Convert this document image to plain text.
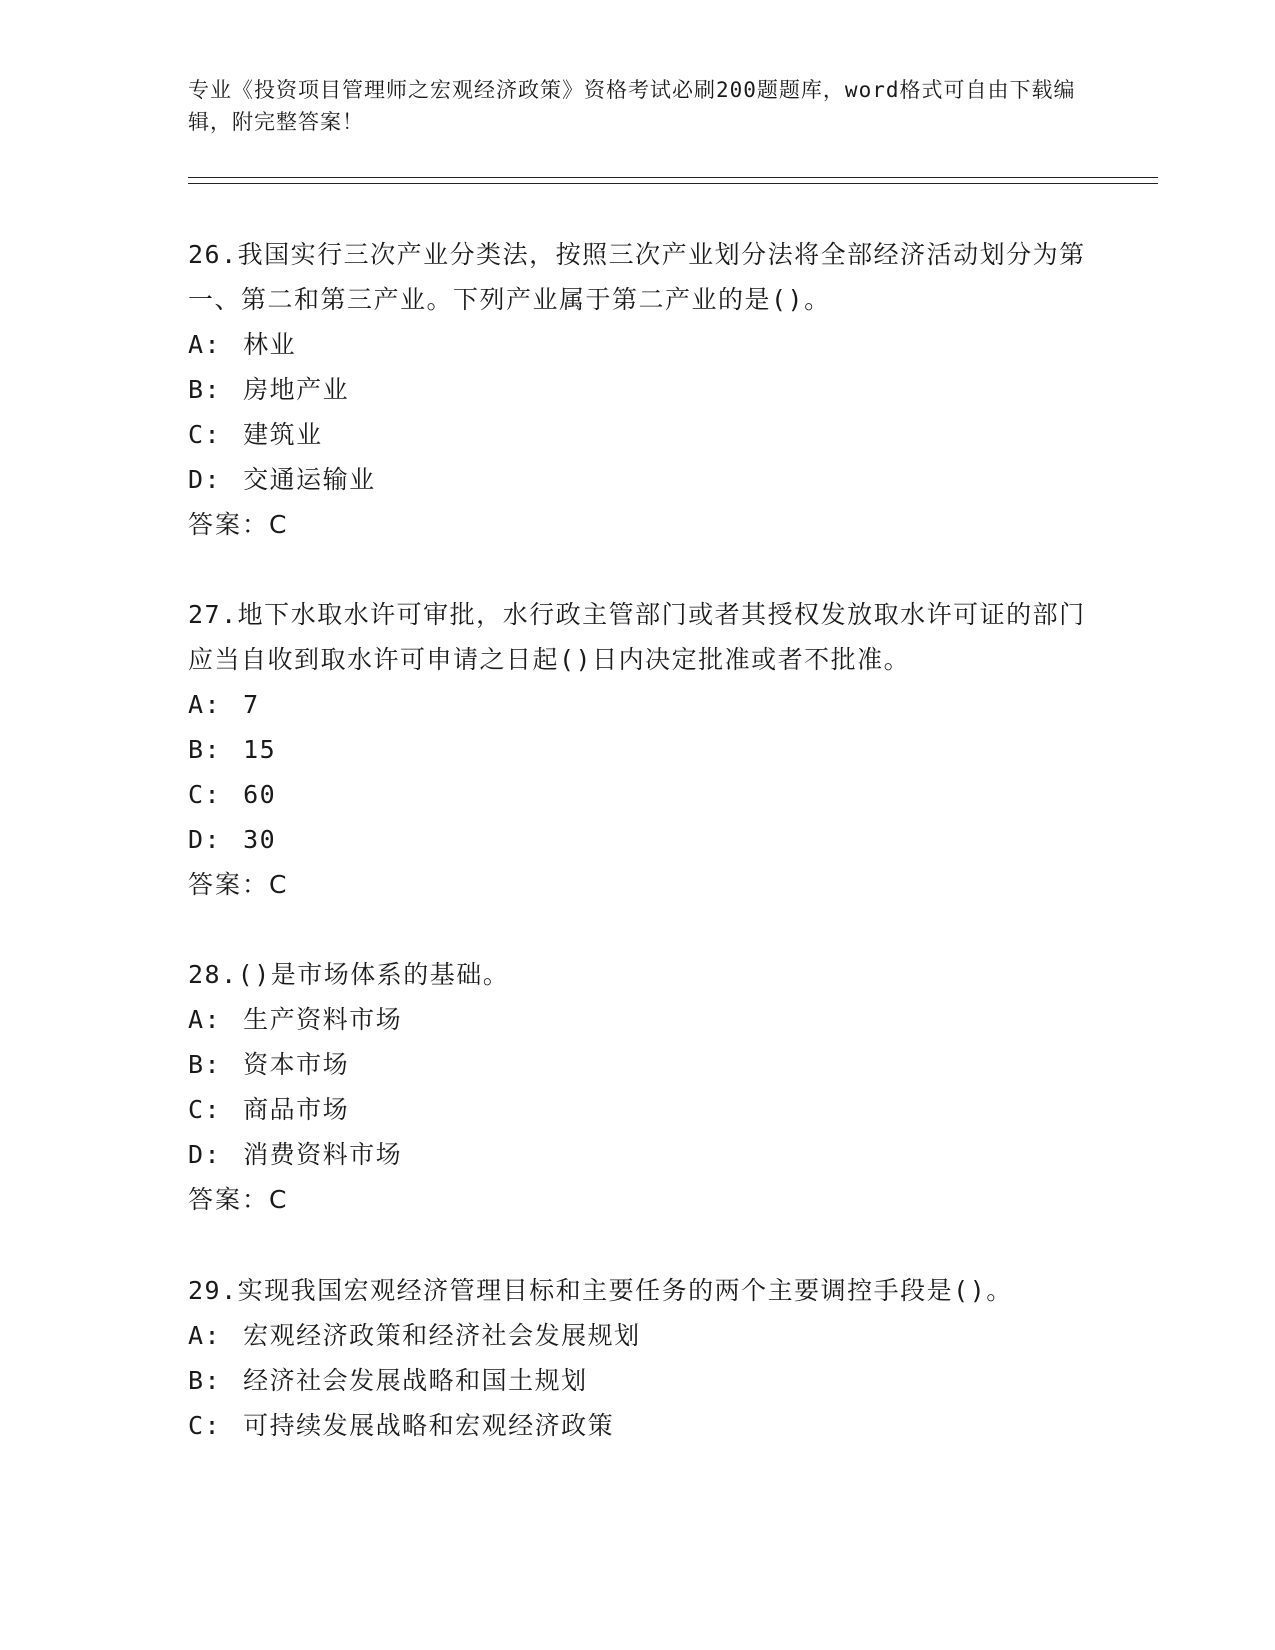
专业《投资项目管理师之宏观经济政策》资格考试必刷200题题库，word格式可自由下载编辑，附完整答案！
26.我国实行三次产业分类法，按照三次产业划分法将全部经济活动划分为第一、第二和第三产业。下列产业属于第二产业的是()。
A: 林业
B: 房地产业
C: 建筑业
D: 交通运输业
答案：C
27.地下水取水许可审批，水行政主管部门或者其授权发放取水许可证的部门应当自收到取水许可申请之日起()日内决定批准或者不批准。
A: 7
B: 15
C: 60
D: 30
答案：C
28.()是市场体系的基础。
A: 生产资料市场
B: 资本市场
C: 商品市场
D: 消费资料市场
答案：C
29.实现我国宏观经济管理目标和主要任务的两个主要调控手段是()。
A: 宏观经济政策和经济社会发展规划
B: 经济社会发展战略和国土规划
C: 可持续发展战略和宏观经济政策
